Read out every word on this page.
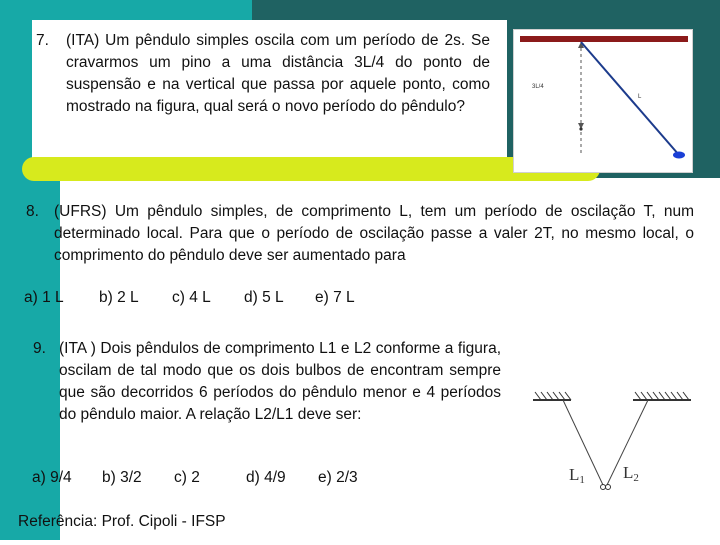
7. (ITA) Um pêndulo simples oscila com um período de 2s. Se cravarmos um pino a uma distância 3L/4 do ponto de suspensão e na vertical que passa por aquele ponto, como mostrado na figura, qual será o novo período do pêndulo?
3L/4
L
8. (UFRS) Um pêndulo simples, de comprimento L, tem um período de oscilação T, num determinado local. Para que o período de oscilação passe a valer 2T, no mesmo local, o comprimento do pêndulo deve ser aumentado para
a) 1 L b) 2 L c) 4 L d) 5 L e) 7 L
9. (ITA ) Dois pêndulos de comprimento L1 e L2 conforme a figura, oscilam de tal modo que os dois bulbos de encontram sempre que são decorridos 6 períodos do pêndulo menor e 4 períodos do pêndulo maior. A relação L2/L1 deve ser:
a) 9/4 b) 3/2 c) 2	d) 4/9 e) 2/3	L1 L2
Referência: Prof. Cipoli - IFSP
